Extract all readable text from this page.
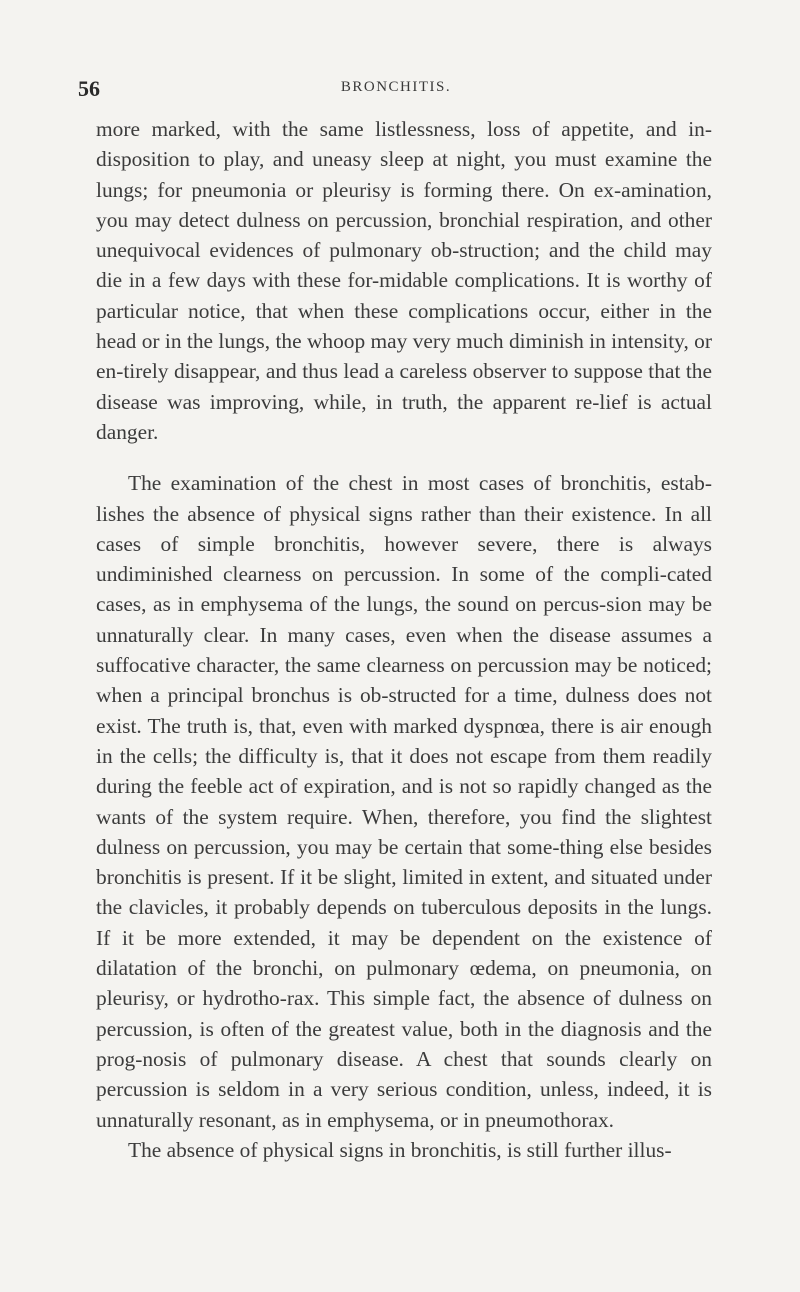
56	BRONCHITIS.

more marked, with the same listlessness, loss of appetite, and in-disposition to play, and uneasy sleep at night, you must examine the lungs; for pneumonia or pleurisy is forming there. On ex-amination, you may detect dulness on percussion, bronchial respiration, and other unequivocal evidences of pulmonary ob-struction; and the child may die in a few days with these for-midable complications. It is worthy of particular notice, that when these complications occur, either in the head or in the lungs, the whoop may very much diminish in intensity, or en-tirely disappear, and thus lead a careless observer to suppose that the disease was improving, while, in truth, the apparent re-lief is actual danger.

The examination of the chest in most cases of bronchitis, estab-lishes the absence of physical signs rather than their existence. In all cases of simple bronchitis, however severe, there is always undiminished clearness on percussion. In some of the compli-cated cases, as in emphysema of the lungs, the sound on percus-sion may be unnaturally clear. In many cases, even when the disease assumes a suffocative character, the same clearness on percussion may be noticed; when a principal bronchus is ob-structed for a time, dulness does not exist. The truth is, that, even with marked dyspnœa, there is air enough in the cells; the difficulty is, that it does not escape from them readily during the feeble act of expiration, and is not so rapidly changed as the wants of the system require. When, therefore, you find the slightest dulness on percussion, you may be certain that some-thing else besides bronchitis is present. If it be slight, limited in extent, and situated under the clavicles, it probably depends on tuberculous deposits in the lungs. If it be more extended, it may be dependent on the existence of dilatation of the bronchi, on pulmonary œdema, on pneumonia, on pleurisy, or hydrotho-rax. This simple fact, the absence of dulness on percussion, is often of the greatest value, both in the diagnosis and the prog-nosis of pulmonary disease. A chest that sounds clearly on percussion is seldom in a very serious condition, unless, indeed, it is unnaturally resonant, as in emphysema, or in pneumothorax.

The absence of physical signs in bronchitis, is still further illus-
